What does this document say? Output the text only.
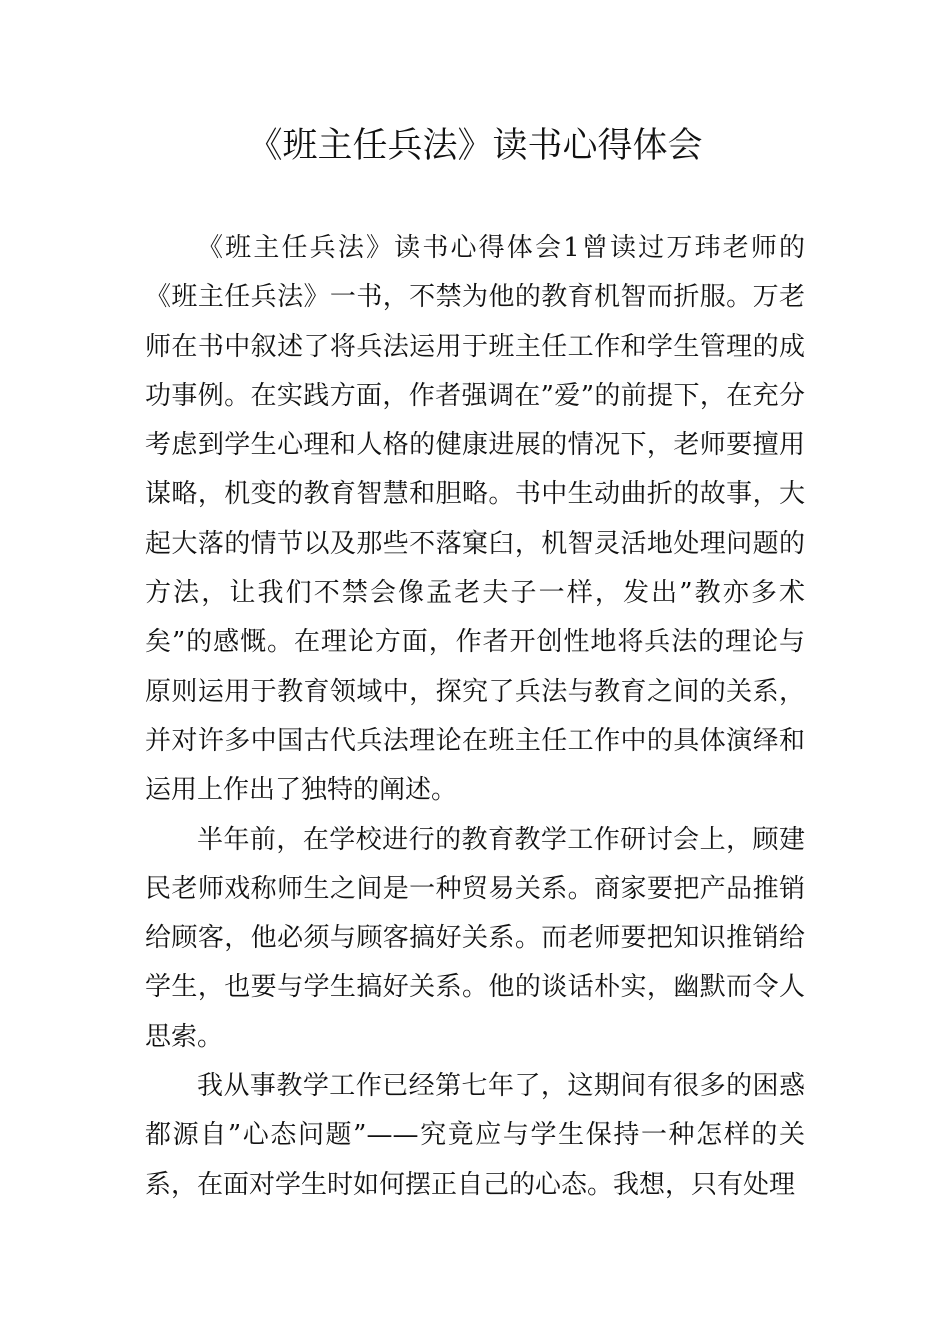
《班主任兵法》读书心得体会

《班主任兵法》读书心得体会1曾读过万玮老师的《班主任兵法》一书，不禁为他的教育机智而折服。万老师在书中叙述了将兵法运用于班主任工作和学生管理的成功事例。在实践方面，作者强调在”爱”的前提下，在充分考虑到学生心理和人格的健康进展的情况下，老师要擅用谋略，机变的教育智慧和胆略。书中生动曲折的故事，大起大落的情节以及那些不落窠臼，机智灵活地处理问题的方法，让我们不禁会像孟老夫子一样，发出”教亦多术矣”的感慨。在理论方面，作者开创性地将兵法的理论与原则运用于教育领域中，探究了兵法与教育之间的关系，并对许多中国古代兵法理论在班主任工作中的具体演绎和运用上作出了独特的阐述。

半年前，在学校进行的教育教学工作研讨会上，顾建民老师戏称师生之间是一种贸易关系。商家要把产品推销给顾客，他必须与顾客搞好关系。而老师要把知识推销给学生，也要与学生搞好关系。他的谈话朴实，幽默而令人思索。

我从事教学工作已经第七年了，这期间有很多的困惑都源自”心态问题”——究竟应与学生保持一种怎样的关系，在面对学生时如何摆正自己的心态。我想，只有处理
